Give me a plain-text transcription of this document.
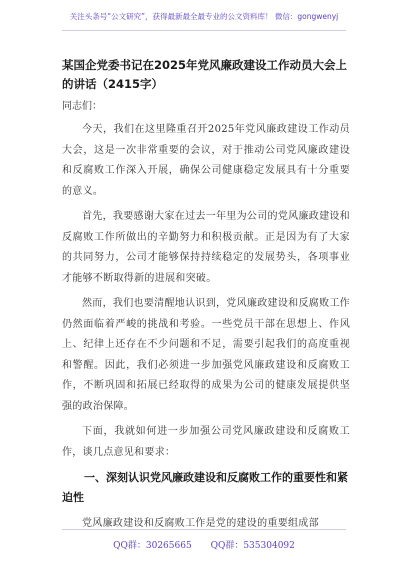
关注头条号“公文研究”，获得最新最全最专业的公文资料库！ 微信：gongwenyj
某国企党委书记在2025年党风廉政建设工作动员大会上的讲话（2415字）
同志们：

今天，我们在这里隆重召开2025年党风廉政建设工作动员大会，这是一次非常重要的会议，对于推动公司党风廉政建设和反腐败工作深入开展，确保公司健康稳定发展具有十分重要的意义。

首先，我要感谢大家在过去一年里为公司的党风廉政建设和反腐败工作所做出的辛勤努力和积极贡献。正是因为有了大家的共同努力，公司才能够保持持续稳定的发展势头，各项事业才能够不断取得新的进展和突破。

然而，我们也要清醒地认识到，党风廉政建设和反腐败工作仍然面临着严峻的挑战和考验。一些党员干部在思想上、作风上、纪律上还存在不少问题和不足，需要引起我们的高度重视和警醒。因此，我们必须进一步加强党风廉政建设和反腐败工作，不断巩固和拓展已经取得的成果为公司的健康发展提供坚强的政治保障。

下面，我就如何进一步加强公司党风廉政建设和反腐败工作，谈几点意见和要求：

一、深刻认识党风廉政建设和反腐败工作的重要性和紧迫性

党风廉政建设和反腐败工作是党的建设的重要组成部

QQ群：30265665 QQ群：535304092
